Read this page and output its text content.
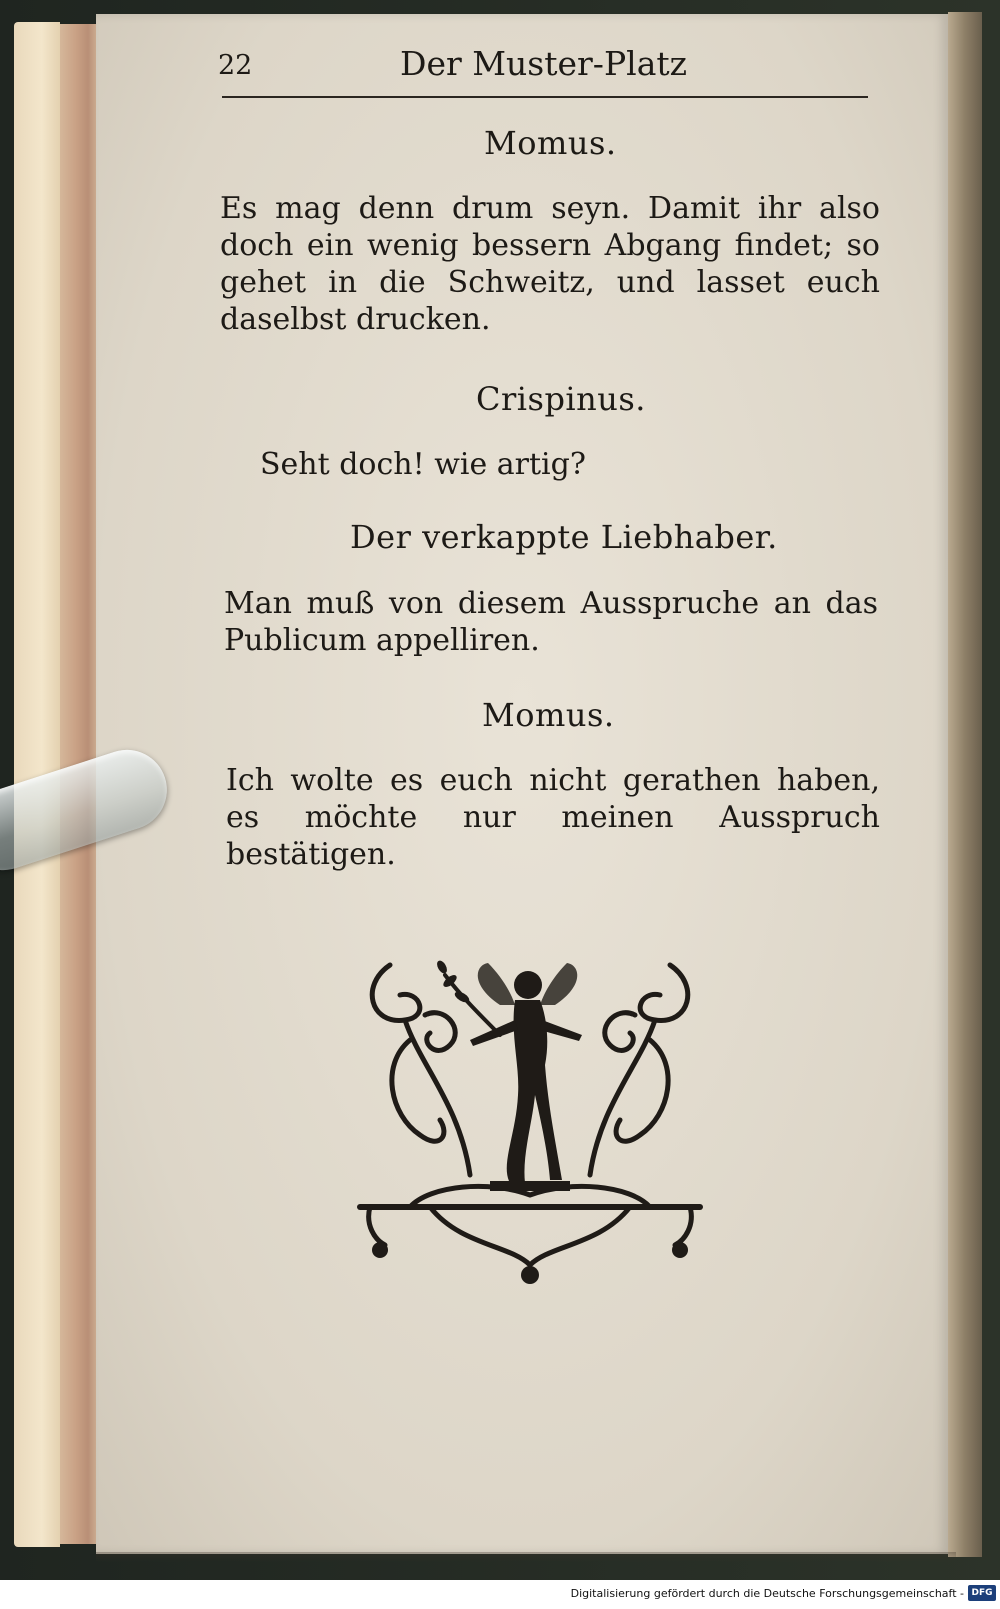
22	Der Muster-Platz
Momus.
Es mag denn drum seyn. Damit ihr also doch ein wenig bessern Abgang findet; so gehet in die Schweitz, und lasset euch daselbst drucken.
Crispinus.
Seht doch! wie artig?
Der verkappte Liebhaber.
Man muß von diesem Ausspruche an das Publicum appelliren.
Momus.
Ich wolte es euch nicht gerathen haben, es möchte nur meinen Ausspruch bestätigen.
Digitalisierung gefördert durch die Deutsche Forschungsgemeinschaft - DFG
